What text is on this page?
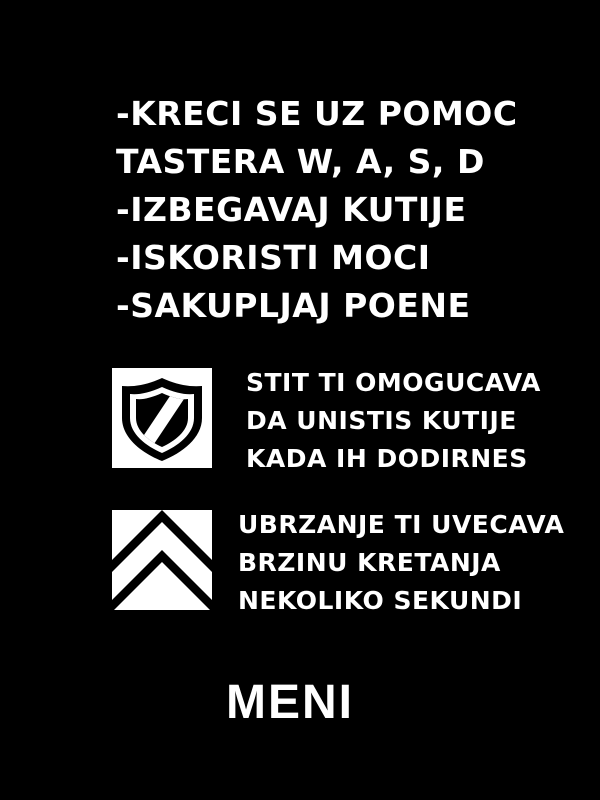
-KRECI SE UZ POMOC
TASTERA W, A, S, D
-IZBEGAVAJ KUTIJE
-ISKORISTI MOCI
-SAKUPLJAJ POENE
STIT TI OMOGUCAVA
DA UNISTIS KUTIJE
KADA IH DODIRNES
UBRZANJE TI UVECAVA
BRZINU KRETANJA
NEKOLIKO SEKUNDI
MENI
